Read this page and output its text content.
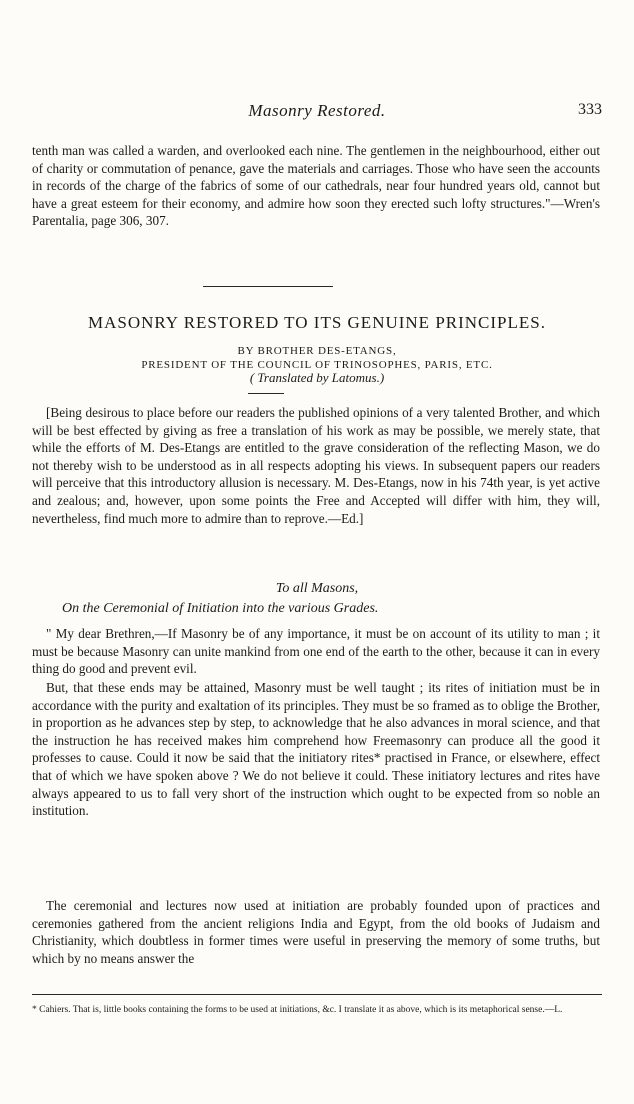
Masonry Restored.	333

tenth man was called a warden, and overlooked each nine. The gentlemen in the neighbourhood, either out of charity or commutation of penance, gave the materials and carriages. Those who have seen the accounts in records of the charge of the fabrics of some of our cathedrals, near four hundred years old, cannot but have a great esteem for their economy, and admire how soon they erected such lofty structures."—Wren's Parentalia, page 306, 307.

MASONRY RESTORED TO ITS GENUINE PRINCIPLES.
BY BROTHER DES-ETANGS,
PRESIDENT OF THE COUNCIL OF TRINOSOPHES, PARIS, ETC.
( Translated by Latomus.)

[Being desirous to place before our readers the published opinions of a very talented Brother, and which will be best effected by giving as free a translation of his work as may be possible, we merely state, that while the efforts of M. Des-Etangs are entitled to the grave consideration of the reflecting Mason, we do not thereby wish to be understood as in all respects adopting his views. In subsequent papers our readers will perceive that this introductory allusion is necessary. M. Des-Etangs, now in his 74th year, is yet active and zealous; and, however, upon some points the Free and Accepted will differ with him, they will, nevertheless, find much more to admire than to reprove.—Ed.]

To all Masons,
On the Ceremonial of Initiation into the various Grades.

" My dear Brethren,—If Masonry be of any importance, it must be on account of its utility to man ; it must be because Masonry can unite mankind from one end of the earth to the other, because it can in every thing do good and prevent evil.

But, that these ends may be attained, Masonry must be well taught ; its rites of initiation must be in accordance with the purity and exaltation of its principles. They must be so framed as to oblige the Brother, in proportion as he advances step by step, to acknowledge that he also advances in moral science, and that the instruction he has received makes him comprehend how Freemasonry can produce all the good it professes to cause. Could it now be said that the initiatory rites* practised in France, or elsewhere, effect that of which we have spoken above ? We do not believe it could. These initiatory lectures and rites have always appeared to us to fall very short of the instruction which ought to be expected from so noble an institution.

The ceremonial and lectures now used at initiation are probably founded upon of practices and ceremonies gathered from the ancient religions India and Egypt, from the old books of Judaism and Christianity, which doubtless in former times were useful in preserving the memory of some truths, but which by no means answer the

* Cahiers. That is, little books containing the forms to be used at initiations, &c. I translate it as above, which is its metaphorical sense.—L.
